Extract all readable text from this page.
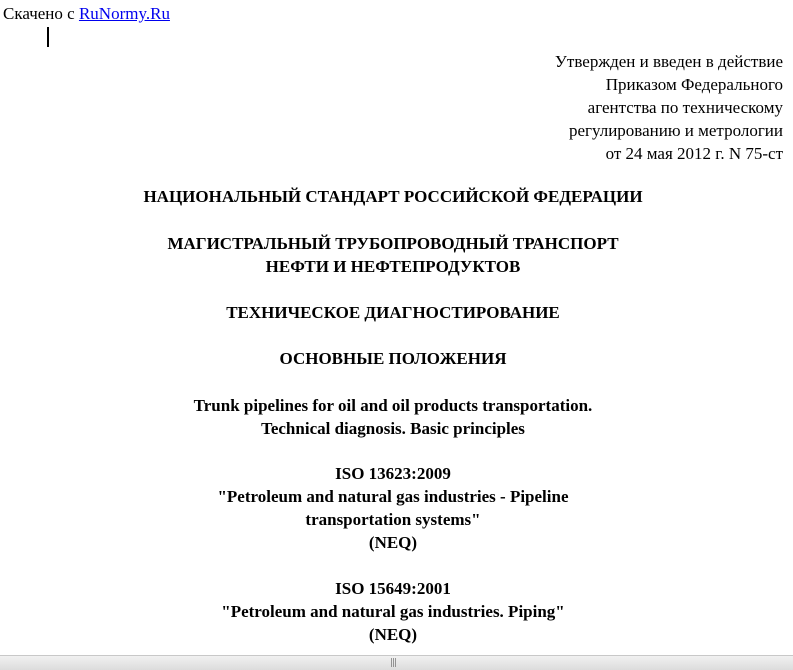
Скачено с RuNormy.Ru
Утвержден и введен в действие
Приказом Федерального
агентства по техническому
регулированию и метрологии
от 24 мая 2012 г. N 75-ст
НАЦИОНАЛЬНЫЙ СТАНДАРТ РОССИЙСКОЙ ФЕДЕРАЦИИ
МАГИСТРАЛЬНЫЙ ТРУБОПРОВОДНЫЙ ТРАНСПОРТ
НЕФТИ И НЕФТЕПРОДУКТОВ
ТЕХНИЧЕСКОЕ ДИАГНОСТИРОВАНИЕ
ОСНОВНЫЕ ПОЛОЖЕНИЯ
Trunk pipelines for oil and oil products transportation.
Technical diagnosis. Basic principles
ISO 13623:2009
"Petroleum and natural gas industries - Pipeline
transportation systems"
(NEQ)
ISO 15649:2001
"Petroleum and natural gas industries. Piping"
(NEQ)
|||
